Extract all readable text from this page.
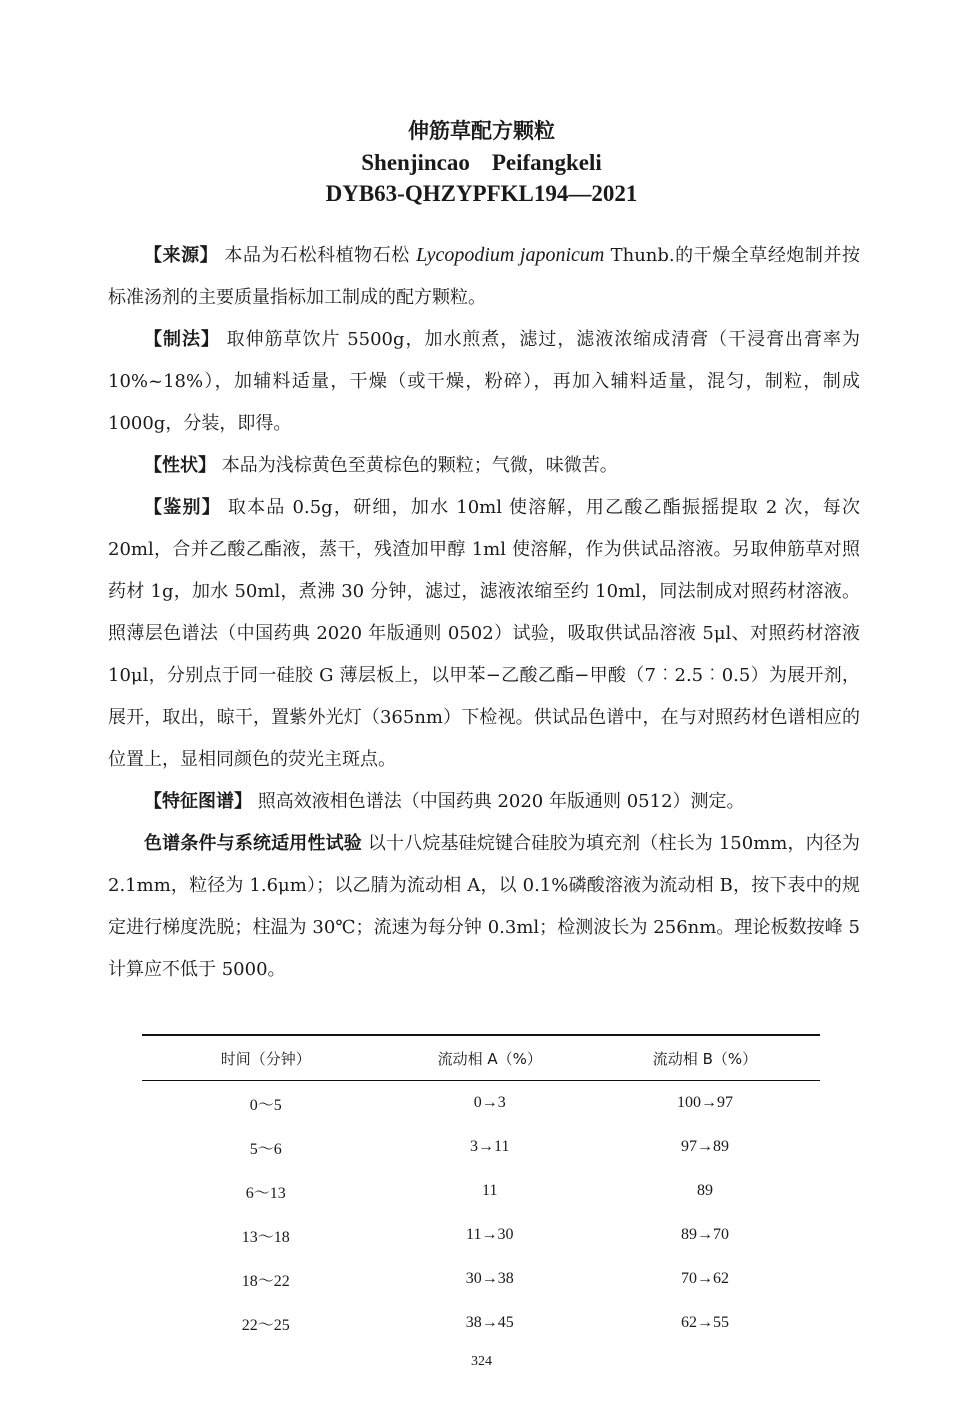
伸筋草配方颗粒
Shenjincao Peifangkeli
DYB63-QHZYPFKL194—2021

【来源】 本品为石松科植物石松 Lycopodium japonicum Thunb.的干燥全草经炮制并按标准汤剂的主要质量指标加工制成的配方颗粒。

【制法】 取伸筋草饮片 5500g，加水煎煮，滤过，滤液浓缩成清膏（干浸膏出膏率为 10%~18%），加辅料适量，干燥（或干燥，粉碎），再加入辅料适量，混匀，制粒，制成 1000g，分装，即得。

【性状】 本品为浅棕黄色至黄棕色的颗粒；气微，味微苦。

【鉴别】 取本品 0.5g，研细，加水 10ml 使溶解，用乙酸乙酯振摇提取 2 次，每次 20ml，合并乙酸乙酯液，蒸干，残渣加甲醇 1ml 使溶解，作为供试品溶液。另取伸筋草对照药材 1g，加水 50ml，煮沸 30 分钟，滤过，滤液浓缩至约 10ml，同法制成对照药材溶液。照薄层色谱法（中国药典 2020 年版通则 0502）试验，吸取供试品溶液 5μl、对照药材溶液 10μl，分别点于同一硅胶 G 薄层板上，以甲苯−乙酸乙酯−甲酸（7︰2.5︰0.5）为展开剂，展开，取出，晾干，置紫外光灯（365nm）下检视。供试品色谱中，在与对照药材色谱相应的位置上，显相同颜色的荧光主斑点。

【特征图谱】 照高效液相色谱法（中国药典 2020 年版通则 0512）测定。

色谱条件与系统适用性试验 以十八烷基硅烷键合硅胶为填充剂（柱长为 150mm，内径为 2.1mm，粒径为 1.6μm）；以乙腈为流动相 A，以 0.1%磷酸溶液为流动相 B，按下表中的规定进行梯度洗脱；柱温为 30℃；流速为每分钟 0.3ml；检测波长为 256nm。理论板数按峰 5 计算应不低于 5000。

时间（分钟）	流动相 A（%）	流动相 B（%）
0～5	0→3	100→97
5～6	3→11	97→89
6～13	11	89
13～18	11→30	89→70
18～22	30→38	70→62
22～25	38→45	62→55
324
